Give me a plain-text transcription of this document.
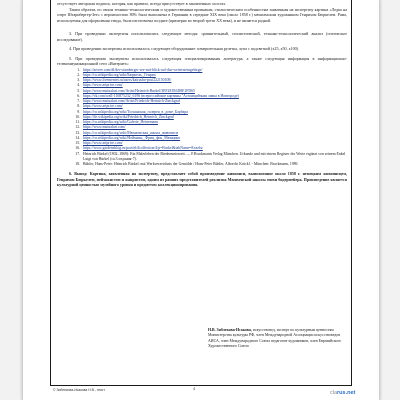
отсутствует авторская подпись, которая, как правило, всегда присутствует в законченных холстах.

Таким образом, по своим технико-технологическим и художественным признакам, стилистическим особенностям заявленная на экспертизу картина «Лодка на озере Штарнбергер-Зее» с вероятностью 80% была выполнена в Германии в середине XIX века (около 1858 г.) мюнхенским художником Генрихом Бюркелем. Рама, используемая для оформления этюда, была изготовлена позднее (примерно во второй трети XX века), и не является родной.

3. При проведении экспертизы использовались следующие методы: сравнительный, стилистический, технико-технологический анализ (оптическое исследование).

4. При проведении экспертизы использовалось следующее оборудование: измерительная рулетка, лупа с подсветкой (х25, х50, х100).

5. При проведении экспертизы использовалась следующая специализированная литература, а также следующая информация в информационно-телекоммуникационной сети «Интернет»:

1. https://artvee.com/dl/der-starnberger-see-mit-blick-auf-das-wettersteingebirge/
2. https://ru.wikipedia.org/wiki/Бюркель,_Генрих
3. https://www.livemernet.ru/users/katrusha-post222150108/
4. https://www.artprice.com/
5. https://www.mutualart.com/Artist/Heinrich-Burkel/3EF2E816D8E1FD65
6. https://vk.com/wall-116875232_6196 (всероссийские картины "Астоящийчная лавка в Новгороде)
7. https://www.mutualart.com/Artist/Friedrich-Heinrich-Zinckgraf
8. https://www.artprice.com/
9. https://ru.wikipedia.org/wiki/Тосканская_галерея_в_доме_Барбара
10. https://de.wikipedia.org/wiki/Friedrich_Heinrich_Zinckgraf
11. https://ru.wikipedia.org/wiki/Galerie_Heinemann
12. https://www.mutualart.com/
13. https://ru.wikipedia.org/wiki/Мюнхенская_школа_живописи
14. https://ru.wikipedia.org/wiki/Нойманн,_Фриц_фон_Мюнцинг
15. https://www.artprice.com/
16. https://www.gardensblog.ru/portfel/#collection/4/p=Burkel&tabName=Exzelsr
17. Heinrich Bürkel (1802–1869): Ein Malerleben der Biedermeierzeit. — F.Bruckmann Verlag München. Urkunde und mit einem Register der Werte ergänzt von seinem Enkel Luigi von Bürkel (ca.3 издания-7).
18. Bühler, Hans-Peter: Heinrich Bürkel: mit Werkverzeichnis der Gemälde / Hans-Peter Bühler, Albrecht Krückl. - München: Bruckmann, 1989.

6. Вывод: Картина, заявленная на экспертизу, представляет собой произведение живописи, выполненное около 1858 г. немецким живописцем, Генрихом Бюркелем, пейзажистом и жанристом, одним из ранних представителей реализма Мюнхенской школы эпохи бидермейера. Произведение является культурной ценностью музейного уровня и предметом коллекционирования.

Н.В. Зиблекова-Исакова, искусствовед, эксперт по культурным ценностям Министерства культуры РФ, член Международной Ассоциации искусствоведов АИСА, член Международного Союза педагогов-художников, член Евразийского Художественного Союза
© Зиблекова-Исакова Н.В., текст	4
clarus.net
